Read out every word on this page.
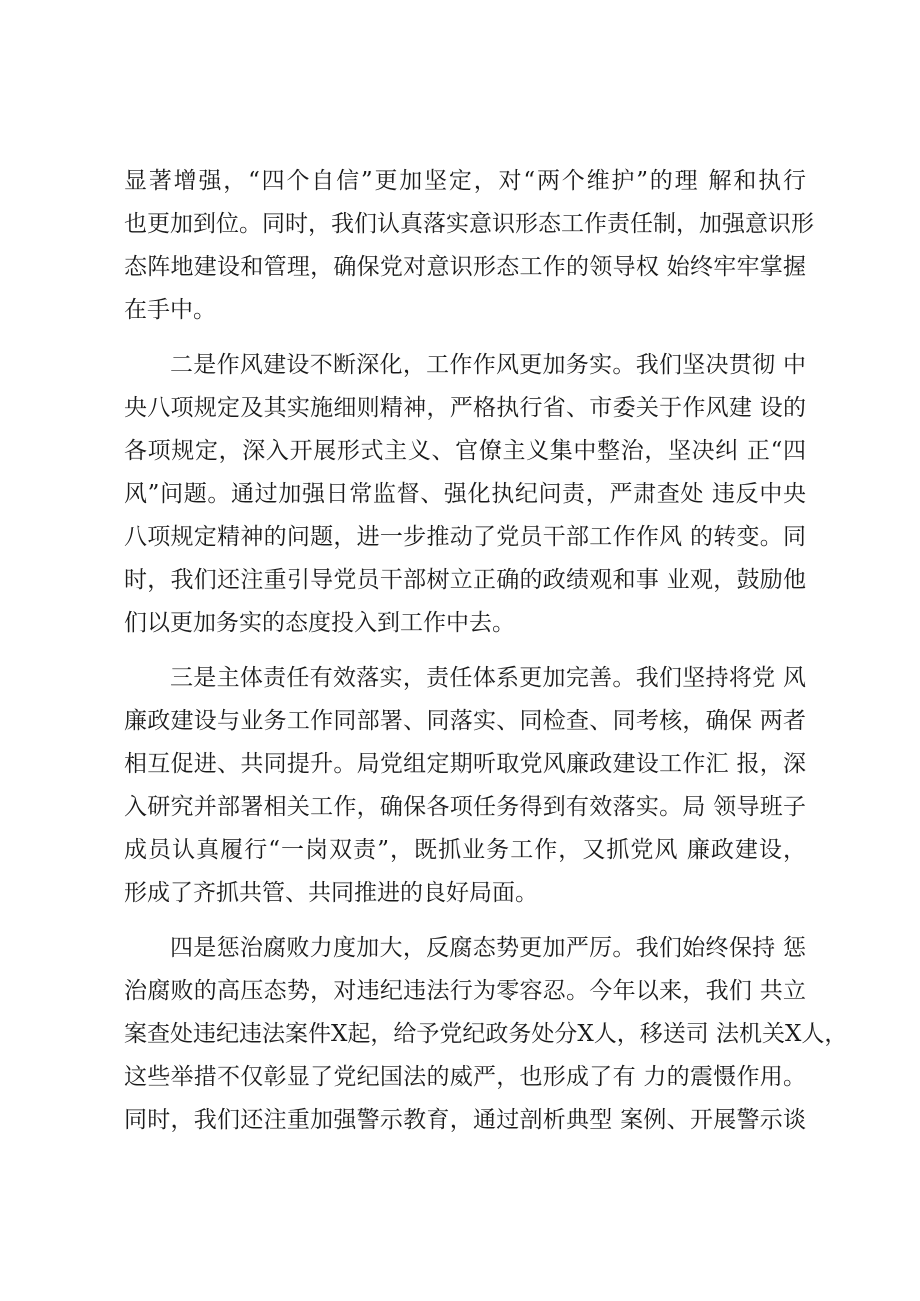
显著增强，“四个自信”更加坚定，对“两个维护”的理 解和执行
也更加到位。同时，我们认真落实意识形态工作责任制，加强意识形
态阵地建设和管理，确保党对意识形态工作的领导权 始终牢牢掌握
在手中。
二是作风建设不断深化，工作作风更加务实。我们坚决贯彻 中
央八项规定及其实施细则精神，严格执行省、市委关于作风建 设的
各项规定，深入开展形式主义、官僚主义集中整治，坚决纠 正“四
风”问题。通过加强日常监督、强化执纪问责，严肃查处 违反中央
八项规定精神的问题，进一步推动了党员干部工作作风 的转变。同
时，我们还注重引导党员干部树立正确的政绩观和事 业观，鼓励他
们以更加务实的态度投入到工作中去。
三是主体责任有效落实，责任体系更加完善。我们坚持将党 风
廉政建设与业务工作同部署、同落实、同检查、同考核，确保 两者
相互促进、共同提升。局党组定期听取党风廉政建设工作汇 报，深
入研究并部署相关工作，确保各项任务得到有效落实。局 领导班子
成员认真履行“一岗双责”，既抓业务工作，又抓党风 廉政建设，
形成了齐抓共管、共同推进的良好局面。
四是惩治腐败力度加大，反腐态势更加严厉。我们始终保持 惩
治腐败的高压态势，对违纪违法行为零容忍。今年以来，我们 共立
案查处违纪违法案件X起，给予党纪政务处分X人，移送司 法机关X人，
这些举措不仅彰显了党纪国法的威严，也形成了有 力的震慑作用。
同时，我们还注重加强警示教育，通过剖析典型 案例、开展警示谈
